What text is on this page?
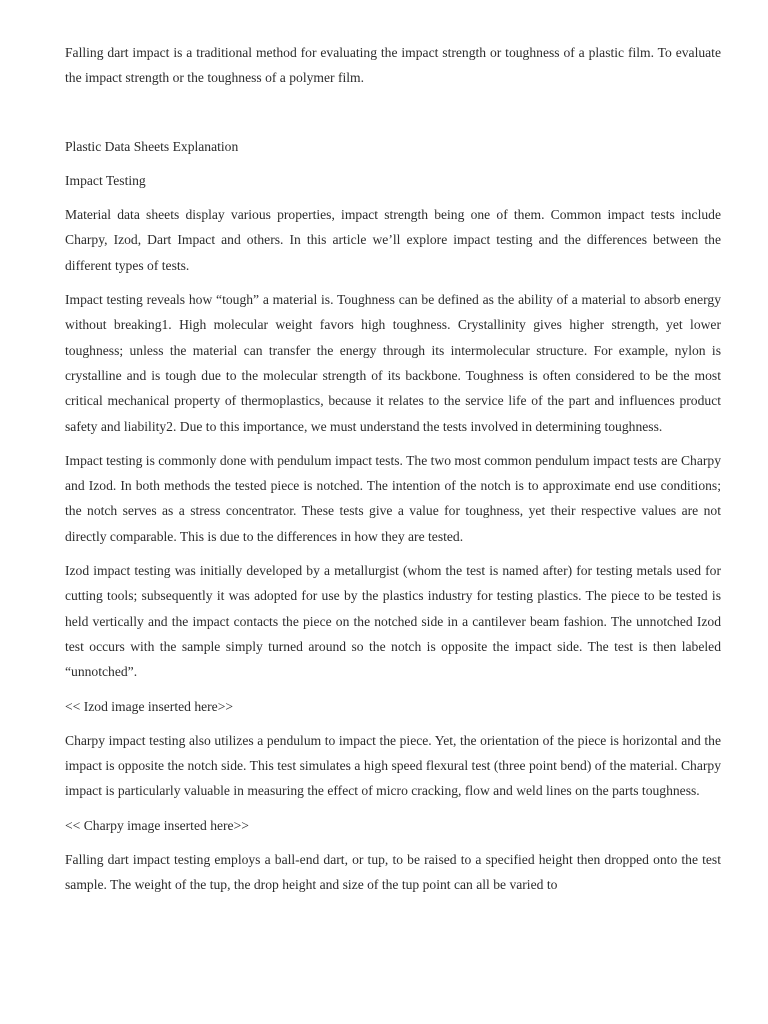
Falling dart impact is a traditional method for evaluating the impact strength or toughness of a plastic film. To evaluate the impact strength or the toughness of a polymer film.

Plastic Data Sheets Explanation

Impact Testing

Material data sheets display various properties, impact strength being one of them. Common impact tests include Charpy, Izod, Dart Impact and others. In this article we’ll explore impact testing and the differences between the different types of tests.

Impact testing reveals how “tough” a material is. Toughness can be defined as the ability of a material to absorb energy without breaking1. High molecular weight favors high toughness. Crystallinity gives higher strength, yet lower toughness; unless the material can transfer the energy through its intermolecular structure. For example, nylon is crystalline and is tough due to the molecular strength of its backbone. Toughness is often considered to be the most critical mechanical property of thermoplastics, because it relates to the service life of the part and influences product safety and liability2. Due to this importance, we must understand the tests involved in determining toughness.

Impact testing is commonly done with pendulum impact tests. The two most common pendulum impact tests are Charpy and Izod. In both methods the tested piece is notched. The intention of the notch is to approximate end use conditions; the notch serves as a stress concentrator. These tests give a value for toughness, yet their respective values are not directly comparable. This is due to the differences in how they are tested.

Izod impact testing was initially developed by a metallurgist (whom the test is named after) for testing metals used for cutting tools; subsequently it was adopted for use by the plastics industry for testing plastics. The piece to be tested is held vertically and the impact contacts the piece on the notched side in a cantilever beam fashion. The unnotched Izod test occurs with the sample simply turned around so the notch is opposite the impact side. The test is then labeled “unnotched”.

<< Izod image inserted here>>

Charpy impact testing also utilizes a pendulum to impact the piece. Yet, the orientation of the piece is horizontal and the impact is opposite the notch side. This test simulates a high speed flexural test (three point bend) of the material. Charpy impact is particularly valuable in measuring the effect of micro cracking, flow and weld lines on the parts toughness.

<< Charpy image inserted here>>

Falling dart impact testing employs a ball-end dart, or tup, to be raised to a specified height then dropped onto the test sample. The weight of the tup, the drop height and size of the tup point can all be varied to
